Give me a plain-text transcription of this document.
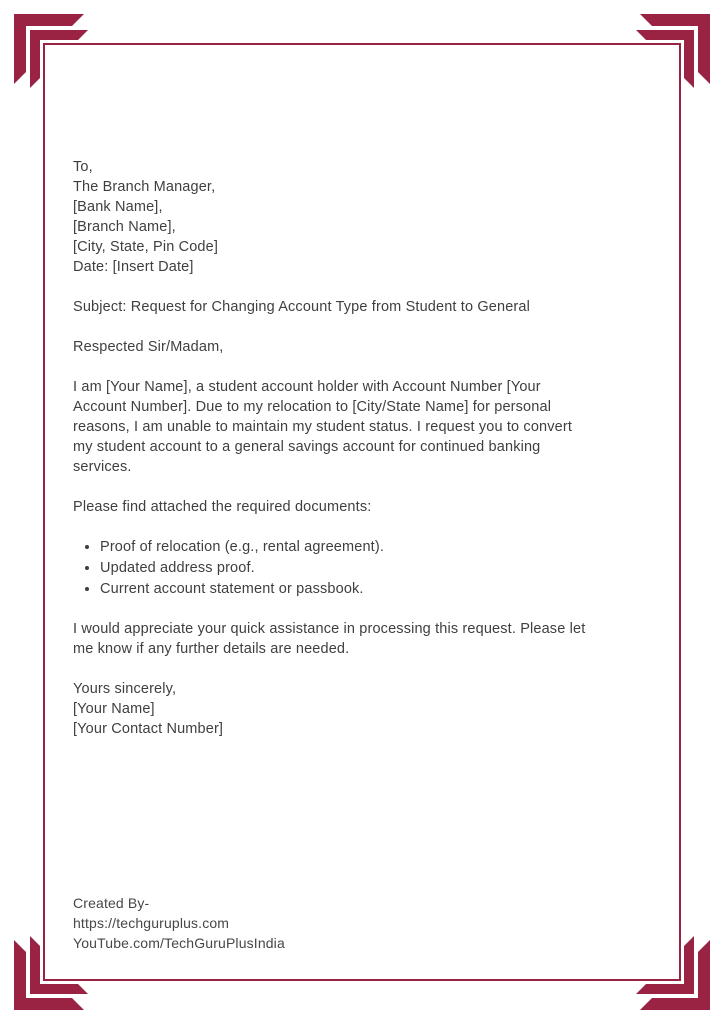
To,
The Branch Manager,
[Bank Name],
[Branch Name],
[City, State, Pin Code]
Date: [Insert Date]
Subject: Request for Changing Account Type from Student to General
Respected Sir/Madam,
I am [Your Name], a student account holder with Account Number [Your
Account Number]. Due to my relocation to [City/State Name] for personal
reasons, I am unable to maintain my student status. I request you to convert
my student account to a general savings account for continued banking
services.
Please find attached the required documents:
• Proof of relocation (e.g., rental agreement).
• Updated address proof.
• Current account statement or passbook.
I would appreciate your quick assistance in processing this request. Please let
me know if any further details are needed.
Yours sincerely,
[Your Name]
[Your Contact Number]
Created By-
https://techguruplus.com
YouTube.com/TechGuruPlusIndia
